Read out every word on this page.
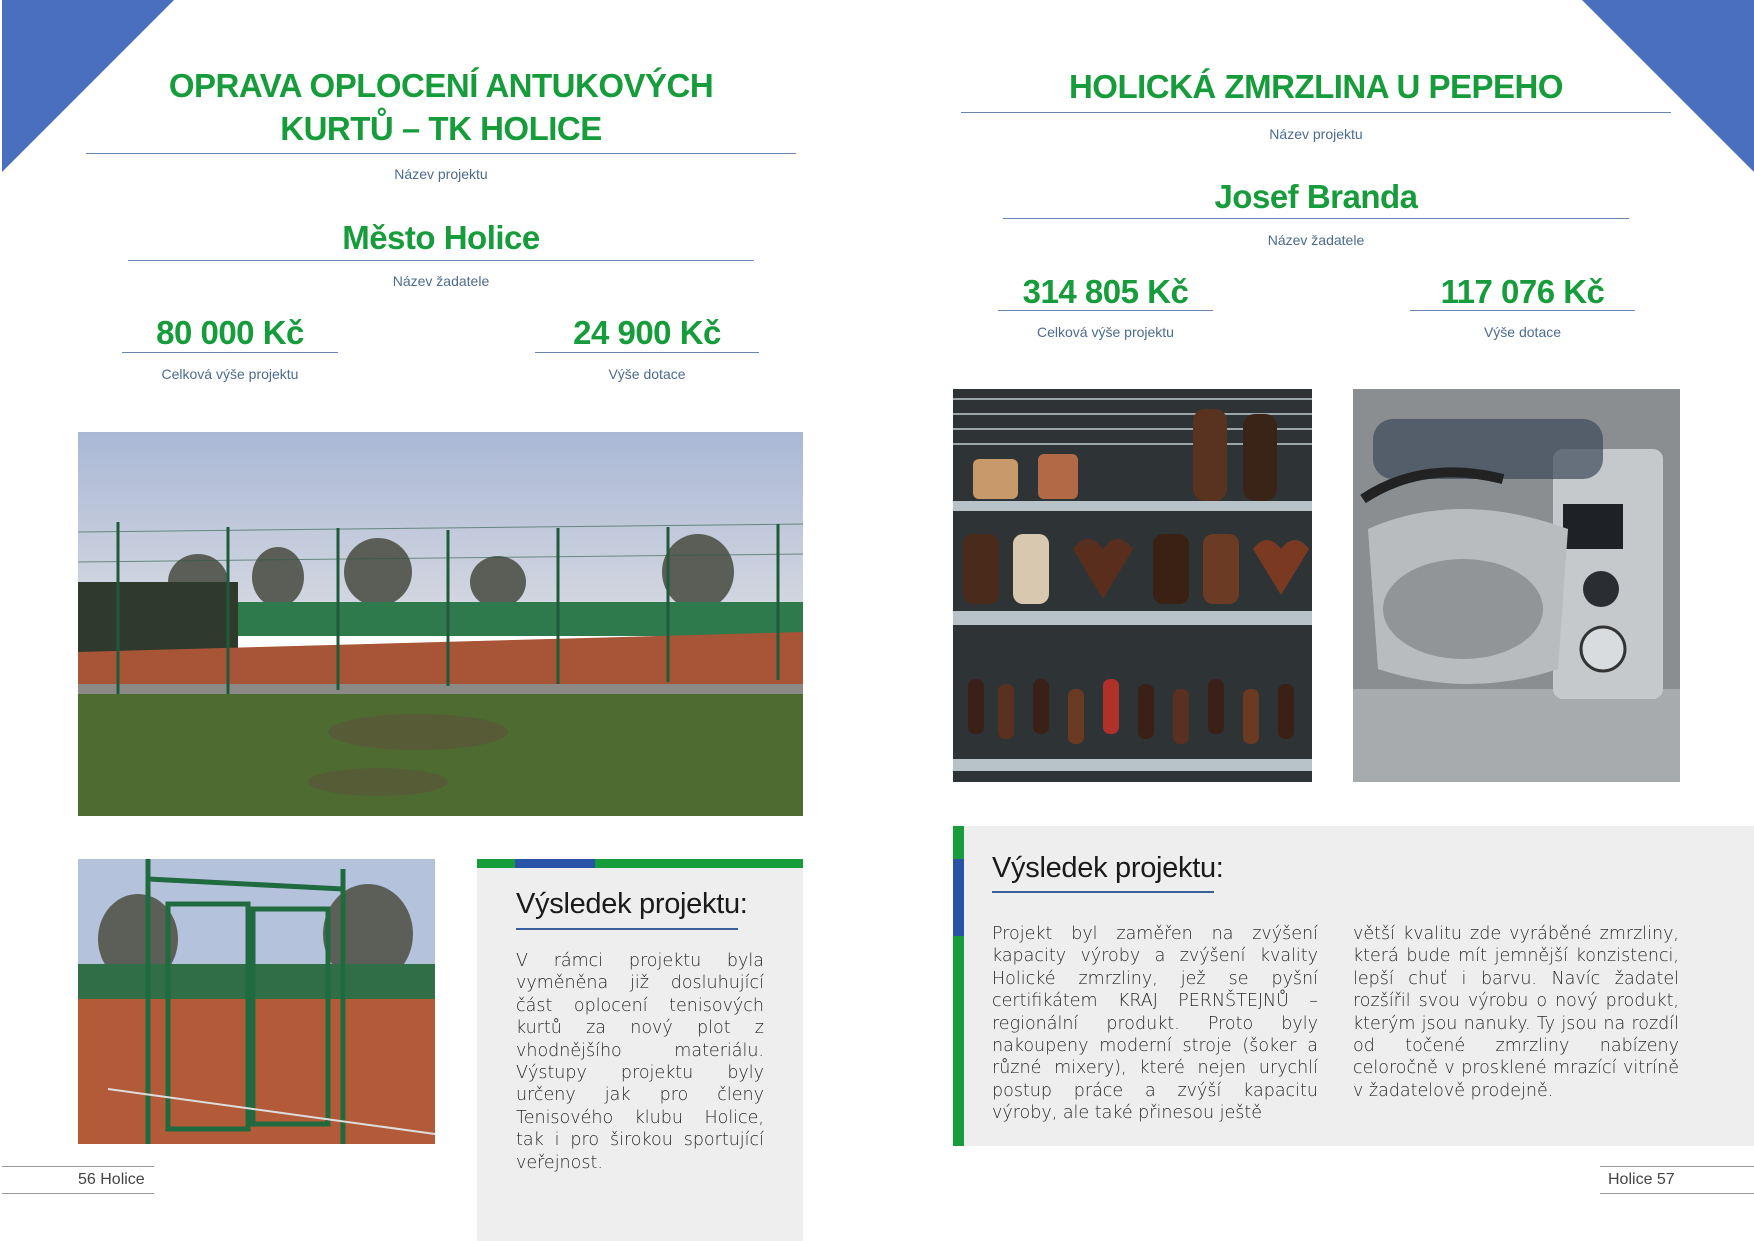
OPRAVA OPLOCENÍ ANTUKOVÝCH
KURTŮ – TK HOLICE
Název projektu
Město Holice
Název žadatele
80 000 Kč
Celková výše projektu
24 900 Kč
Výše dotace
Výsledek projektu:
V rámci projektu byla vyměněna již dosluhující část oplocení tenisových kurtů za nový plot z vhodnějšího materiálu. Výstupy projektu byly určeny jak pro členy Tenisového klubu Holice, tak i pro širokou sportující veřejnost.
56 Holice
HOLICKÁ ZMRZLINA U PEPEHO
Název projektu
Josef Branda
Název žadatele
314 805 Kč
Celková výše projektu
117 076 Kč
Výše dotace
Výsledek projektu:
Projekt byl zaměřen na zvýšení kapacity výroby a zvýšení kvality Holické zmrzliny, jež se pyšní certifikátem KRAJ PERNŠTEJNŮ – regionální produkt. Proto byly nakoupeny moderní stroje (šoker a různé mixery), které nejen urychlí postup práce a zvýší kapacitu výroby, ale také přinesou ještě
větší kvalitu zde vyráběné zmrzliny, která bude mít jemnější konzistenci, lepší chuť i barvu. Navíc žadatel rozšířil svou výrobu o nový produkt, kterým jsou nanuky. Ty jsou na rozdíl od točené zmrzliny nabízeny celoročně v prosklené mrazící vitríně v žadatelově prodejně.
Holice 57
